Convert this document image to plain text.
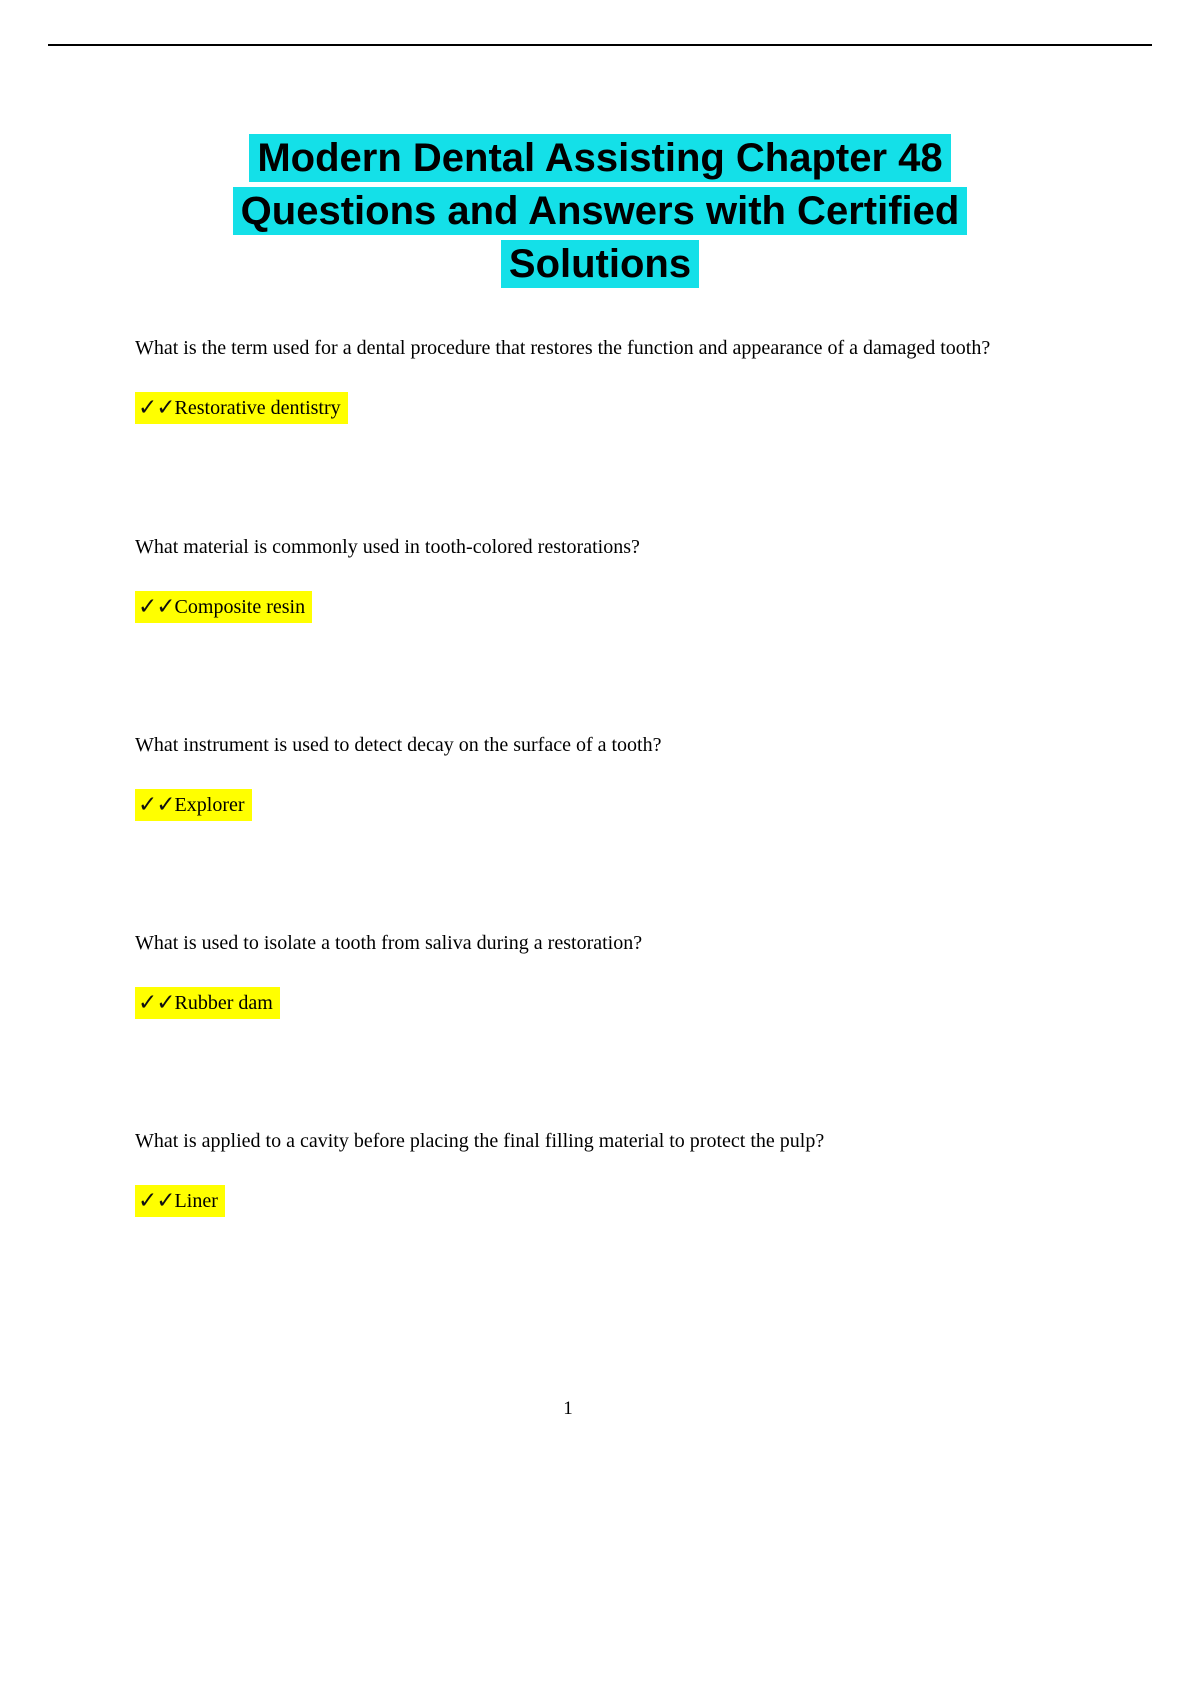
Modern Dental Assisting Chapter 48 Questions and Answers with Certified Solutions

What is the term used for a dental procedure that restores the function and appearance of a damaged tooth?

✓✓Restorative dentistry

What material is commonly used in tooth-colored restorations?

✓✓Composite resin

What instrument is used to detect decay on the surface of a tooth?

✓✓Explorer

What is used to isolate a tooth from saliva during a restoration?

✓✓Rubber dam

What is applied to a cavity before placing the final filling material to protect the pulp?

✓✓Liner

1
